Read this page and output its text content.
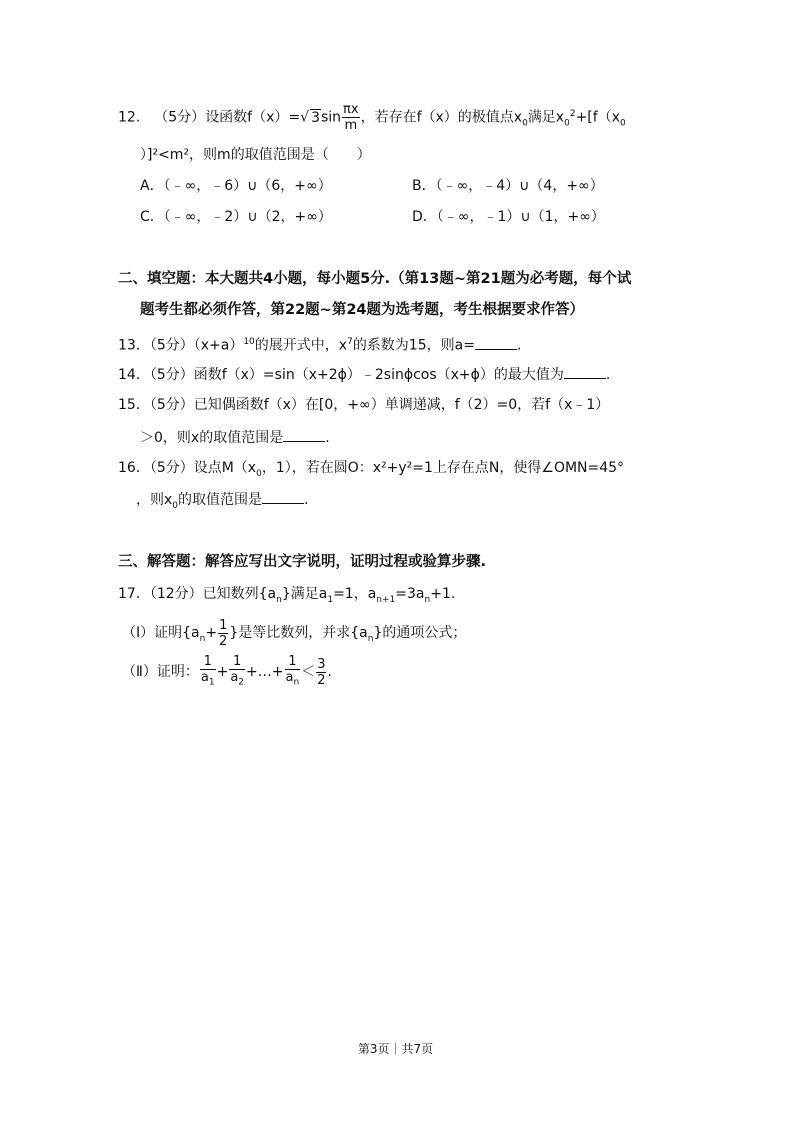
12. （5分）设函数f（x）=√ $3\sin \frac{\pi x}{m}$ ，若存在f（x）的极值点$x_0$满足$x_0^2+[f(x_0$
）]²<m²，则m的取值范围是（　　）
A．（﹣∞，﹣6）∪（6，+∞）	B．（﹣∞，﹣4）∪（4，+∞）
C．（﹣∞，﹣2）∪（2，+∞）	D．（﹣∞，﹣1）∪（1，+∞）
二、填空题：本大题共4小题，每小题5分.（第13题~第21题为必考题，每个试
题考生都必须作答，第22题~第24题为选考题，考生根据要求作答）
13．（5分）$(x+a)^{10}$的展开式中，$x^7$的系数为15，则a=	.
14．（5分）函数f（x）=sin（x+2ϕ）﹣2sinϕcos（x+ϕ）的最大值为	.
15．（5分）已知偶函数f（x）在[0，+∞）单调递减，f（2）=0，若f（x﹣1）
＞0，则x的取值范围是	.
16．（5分）设点$M(x_0$，1），若在圆O：x²+y²=1上存在点N，使得∠OMN=45°
，则$x_0$的取值范围是	.
三、解答题：解答应写出文字说明，证明过程或验算步骤.
17．（12分）已知数列$\{a_n\}$满足$a_1=1$，$a_{n+1}=3a_n+1$.
（Ⅰ）证明{$a_n+ \frac{1}{2}$ }是等比数列，并求$\{a_n\}$的通项公式；
（Ⅱ）证明： $\frac{1}{a_1} + \frac{1}{a_2}$ +…+ $\frac{1}{a_n} < \frac{3}{2}$ .
第3页｜共7页
